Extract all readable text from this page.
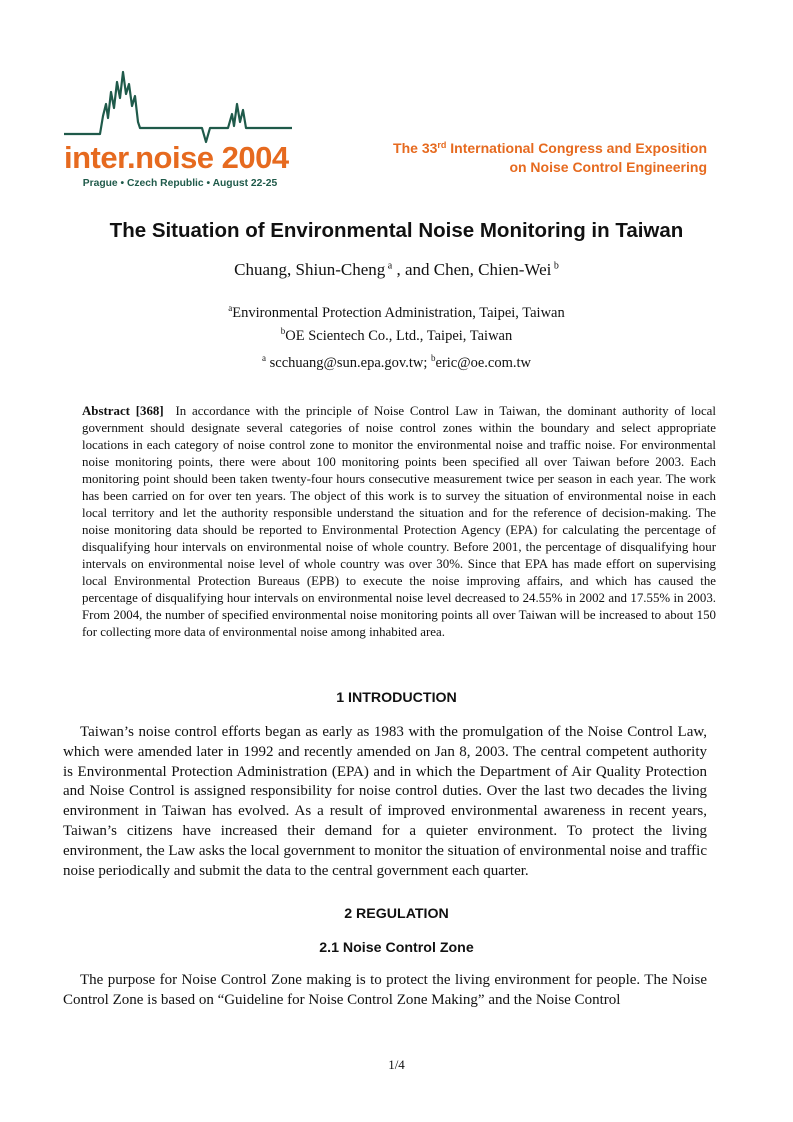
inter.noise 2004
Prague • Czech Republic • August 22-25
The 33rd International Congress and Exposition
on Noise Control Engineering
The Situation of Environmental Noise Monitoring in Taiwan
Chuang, Shiun-Cheng $^a$ , and Chen, Chien-Wei $^b$
$^a$Environmental Protection Administration, Taipei, Taiwan
$^b$OE Scientech Co., Ltd., Taipei, Taiwan
$^a$ scchuang@sun.epa.gov.tw; $^b$eric@oe.com.tw

Abstract [368] In accordance with the principle of Noise Control Law in Taiwan, the dominant authority of local government should designate several categories of noise control zones within the boundary and select appropriate locations in each category of noise control zone to monitor the environmental noise and traffic noise. For environmental noise monitoring points, there were about 100 monitoring points been specified all over Taiwan before 2003. Each monitoring point should been taken twenty-four hours consecutive measurement twice per season in each year. The work has been carried on for over ten years. The object of this work is to survey the situation of environmental noise in each local territory and let the authority responsible understand the situation and for the reference of decision-making. The noise monitoring data should be reported to Environmental Protection Agency (EPA) for calculating the percentage of disqualifying hour intervals on environmental noise of whole country. Before 2001, the percentage of disqualifying hour intervals on environmental noise level of whole country was over 30%. Since that EPA has made effort on supervising local Environmental Protection Bureaus (EPB) to execute the noise improving affairs, and which has caused the percentage of disqualifying hour intervals on environmental noise level decreased to 24.55% in 2002 and 17.55% in 2003. From 2004, the number of specified environmental noise monitoring points all over Taiwan will be increased to about 150 for collecting more data of environmental noise among inhabited area.

1 INTRODUCTION

Taiwan’s noise control efforts began as early as 1983 with the promulgation of the Noise Control Law, which were amended later in 1992 and recently amended on Jan 8, 2003. The central competent authority is Environmental Protection Administration (EPA) and in which the Department of Air Quality Protection and Noise Control is assigned responsibility for noise control duties. Over the last two decades the living environment in Taiwan has evolved. As a result of improved environmental awareness in recent years, Taiwan’s citizens have increased their demand for a quieter environment. To protect the living environment, the Law asks the local government to monitor the situation of environmental noise and traffic noise periodically and submit the data to the central government each quarter.

2 REGULATION
2.1 Noise Control Zone

The purpose for Noise Control Zone making is to protect the living environment for people. The Noise Control Zone is based on “Guideline for Noise Control Zone Making” and the Noise Control

1/4
